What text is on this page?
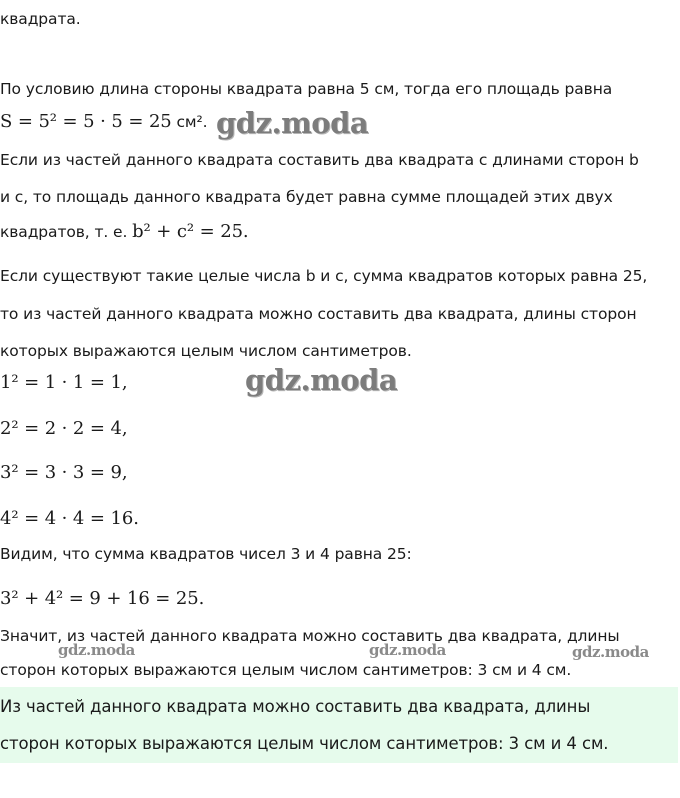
квадрата.
По условию длина стороны квадрата равна 5 см, тогда его площадь равна
S = 5² = 5 · 5 = 25 см².
Если из частей данного квадрата составить два квадрата с длинами сторон b
и c, то площадь данного квадрата будет равна сумме площадей этих двух
квадратов, т. е. b² + c² = 25.
Если существуют такие целые числа b и c, сумма квадратов которых равна 25,
то из частей данного квадрата можно составить два квадрата, длины сторон
которых выражаются целым числом сантиметров.
1² = 1 · 1 = 1,
2² = 2 · 2 = 4,
3² = 3 · 3 = 9,
4² = 4 · 4 = 16.
Видим, что сумма квадратов чисел 3 и 4 равна 25:
3² + 4² = 9 + 16 = 25.
Значит, из частей данного квадрата можно составить два квадрата, длины
сторон которых выражаются целым числом сантиметров: 3 см и 4 см.
Из частей данного квадрата можно составить два квадрата, длины
сторон которых выражаются целым числом сантиметров: 3 см и 4 см.
gdz.moda
gdz.moda
gdz.moda	gdz.moda	gdz.moda
